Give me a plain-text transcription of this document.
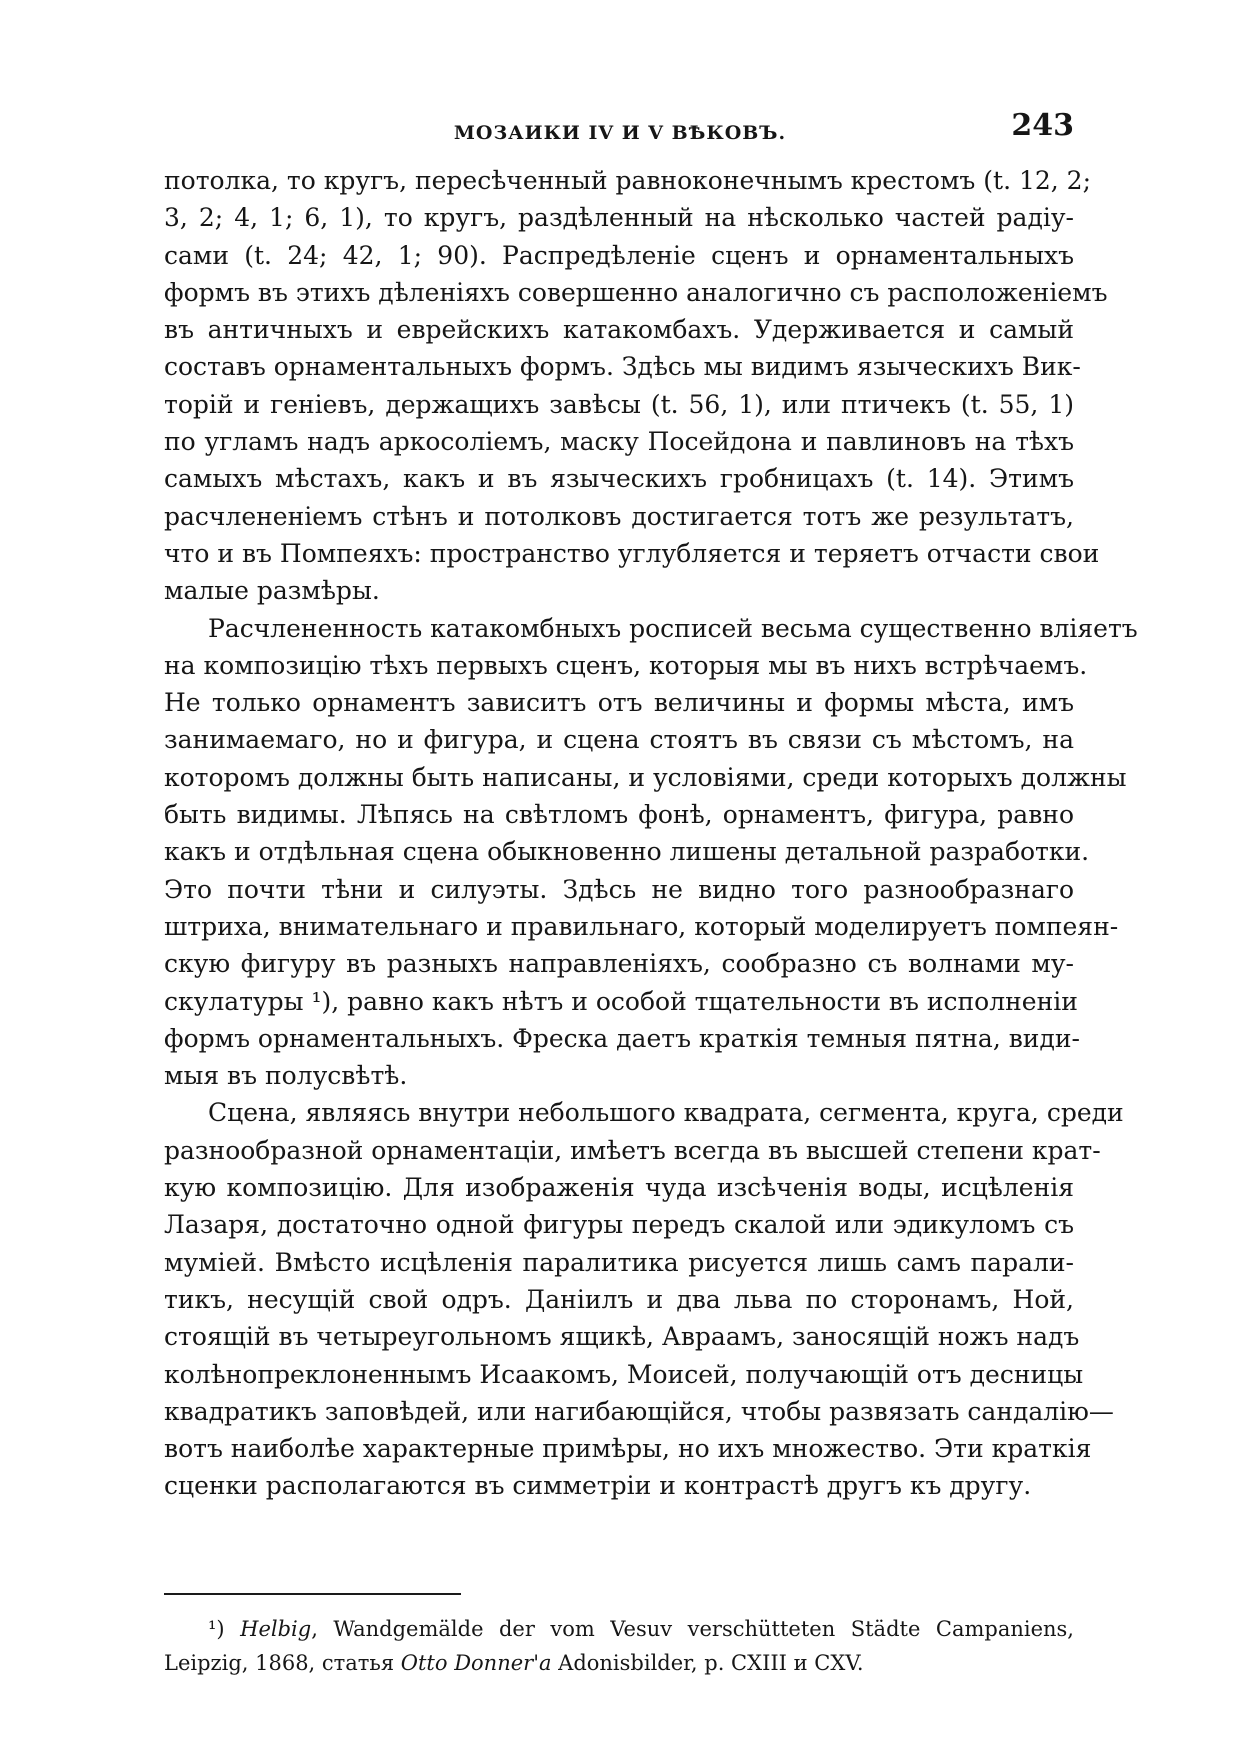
МОЗАИКИ IV И V ВѢКОВЪ.	243
потолка, то кругъ, пересѣченный равноконечнымъ крестомъ (t. 12, 2;
3, 2; 4, 1; 6, 1), то кругъ, раздѣленный на нѣсколько частей радiу-
сами (t. 24; 42, 1; 90). Распредѣленiе сценъ и орнаментальныхъ
формъ въ этихъ дѣленiяхъ совершенно аналогично съ расположенiемъ
въ античныхъ и еврейскихъ катакомбахъ. Удерживается и самый
составъ орнаментальныхъ формъ. Здѣсь мы видимъ языческихъ Вик-
торiй и генiевъ, держащихъ завѣсы (t. 56, 1), или птичекъ (t. 55, 1)
по угламъ надъ аркосолiемъ, маску Посейдона и павлиновъ на тѣхъ
самыхъ мѣстахъ, какъ и въ языческихъ гробницахъ (t. 14). Этимъ
расчлененiемъ стѣнъ и потолковъ достигается тотъ же результатъ,
что и въ Помпеяхъ: пространство углубляется и теряетъ отчасти свои
малые размѣры.
Расчлененность катакомбныхъ росписей весьма существенно влiяетъ
на композицiю тѣхъ первыхъ сценъ, которыя мы въ нихъ встрѣчаемъ.
Не только орнаментъ зависитъ отъ величины и формы мѣста, имъ
занимаемаго, но и фигура, и сцена стоятъ въ связи съ мѣстомъ, на
которомъ должны быть написаны, и условiями, среди которыхъ должны
быть видимы. Лѣпясь на свѣтломъ фонѣ, орнаментъ, фигура, равно
какъ и отдѣльная сцена обыкновенно лишены детальной разработки.
Это почти тѣни и силуэты. Здѣсь не видно того разнообразнаго
штриха, внимательнаго и правильнаго, который моделируетъ помпеян-
скую фигуру въ разныхъ направленiяхъ, сообразно съ волнами му-
скулатуры ¹), равно какъ нѣтъ и особой тщательности въ исполненiи
формъ орнаментальныхъ. Фреска даетъ краткiя темныя пятна, види-
мыя въ полусвѣтѣ.
Сцена, являясь внутри небольшого квадрата, сегмента, круга, среди
разнообразной орнаментацiи, имѣетъ всегда въ высшей степени крат-
кую композицiю. Для изображенiя чуда изсѣченiя воды, исцѣленiя
Лазаря, достаточно одной фигуры передъ скалой или эдикуломъ съ
мумiей. Вмѣсто исцѣленiя паралитика рисуется лишь самъ парали-
тикъ, несущiй свой одръ. Данiилъ и два льва по сторонамъ, Ной,
стоящiй въ четыреугольномъ ящикѣ, Авраамъ, заносящiй ножъ надъ
колѣнопреклоненнымъ Исаакомъ, Моисей, получающiй отъ десницы
квадратикъ заповѣдей, или нагибающiйся, чтобы развязать сандалiю—
вотъ наиболѣе характерные примѣры, но ихъ множество. Эти краткiя
сценки располагаются въ симметрiи и контрастѣ другъ къ другу.
¹) Helbig, Wandgemälde der vom Vesuv verschütteten Städte Campaniens,
Leipzig, 1868, статья Otto Donner'а Adonisbilder, p. CXIII и CXV.
